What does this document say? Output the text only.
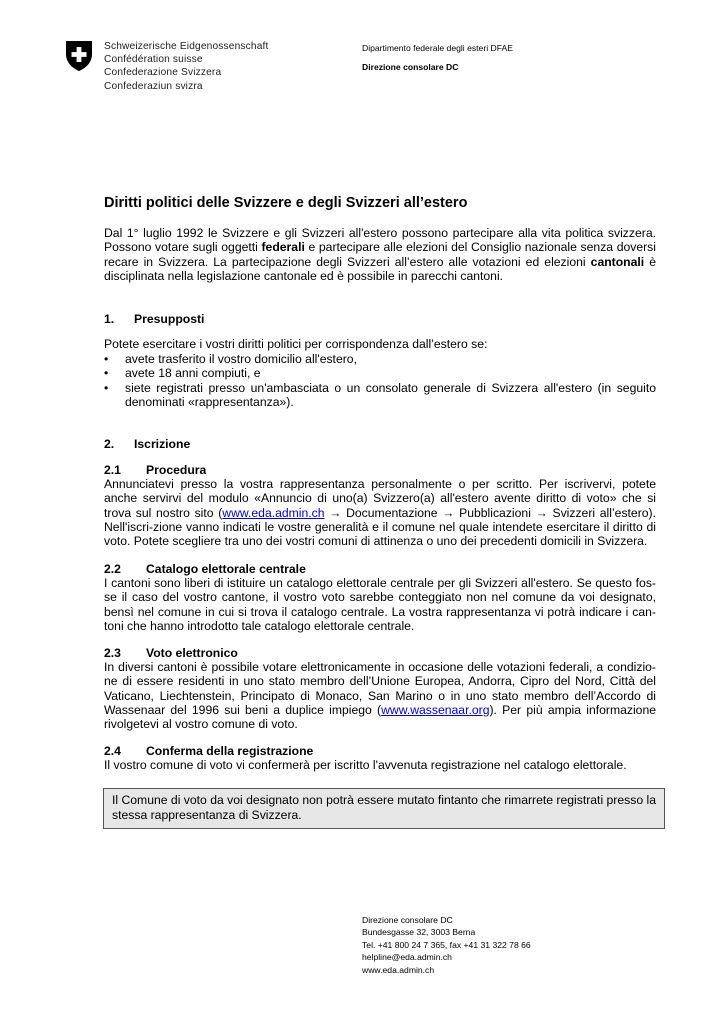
Schweizerische Eidgenossenschaft
Confédération suisse
Confederazione Svizzera
Confederaziun svizra
Dipartimento federale degli esteri DFAE
Direzione consolare DC
Diritti politici delle Svizzere e degli Svizzeri all’estero
Dal 1° luglio 1992 le Svizzere e gli Svizzeri all'estero possono partecipare alla vita politica svizzera. Possono votare sugli oggetti federali e partecipare alle elezioni del Consiglio nazionale senza doversi recare in Svizzera. La partecipazione degli Svizzeri all’estero alle votazioni ed elezioni cantonali è disciplinata nella legislazione cantonale ed è possibile in parecchi cantoni.
1. Presupposti
Potete esercitare i vostri diritti politici per corrispondenza dall’estero se:
• avete trasferito il vostro domicilio all'estero,
• avete 18 anni compiuti, e
• siete registrati presso un'ambasciata o un consolato generale di Svizzera all'estero (in seguito denominati «rappresentanza»).
2. Iscrizione
2.1 Procedura
Annunciatevi presso la vostra rappresentanza personalmente o per scritto. Per iscrivervi, potete anche servirvi del modulo «Annuncio di uno(a) Svizzero(a) all'estero avente diritto di voto» che si trova sul nostro sito (www.eda.admin.ch → Documentazione → Pubblicazioni → Svizzeri all’estero). Nell'iscri-zione vanno indicati le vostre generalità e il comune nel quale intendete esercitare il diritto di voto. Potete scegliere tra uno dei vostri comuni di attinenza o uno dei precedenti domicili in Svizzera.
2.2 Catalogo elettorale centrale
I cantoni sono liberi di istituire un catalogo elettorale centrale per gli Svizzeri all'estero. Se questo fos-se il caso del vostro cantone, il vostro voto sarebbe conteggiato non nel comune da voi designato, bensì nel comune in cui si trova il catalogo centrale. La vostra rappresentanza vi potrà indicare i can-toni che hanno introdotto tale catalogo elettorale centrale.
2.3 Voto elettronico
In diversi cantoni è possibile votare elettronicamente in occasione delle votazioni federali, a condizio-ne di essere residenti in uno stato membro dell’Unione Europea, Andorra, Cipro del Nord, Città del Vaticano, Liechtenstein, Principato di Monaco, San Marino o in uno stato membro dell’Accordo di Wassenaar del 1996 sui beni a duplice impiego (www.wassenaar.org). Per più ampia informazione rivolgetevi al vostro comune di voto.
2.4 Conferma della registrazione
Il vostro comune di voto vi confermerà per iscritto l'avvenuta registrazione nel catalogo elettorale.
Il Comune di voto da voi designato non potrà essere mutato fintanto che rimarrete registrati presso la stessa rappresentanza di Svizzera.
Direzione consolare DC
Bundesgasse 32, 3003 Berna
Tel. +41 800 24 7 365, fax +41 31 322 78 66
helpline@eda.admin.ch
www.eda.admin.ch
